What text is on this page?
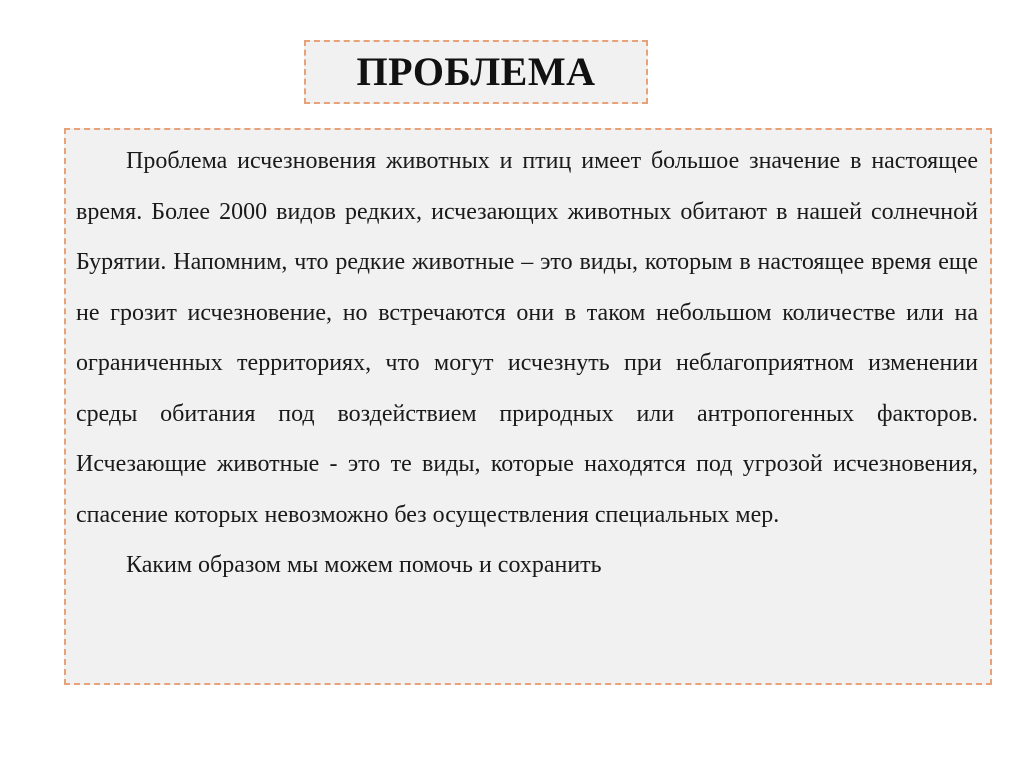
ПРОБЛЕМА

Проблема исчезновения животных и птиц имеет большое значение в настоящее время. Более 2000 видов редких, исчезающих животных обитают в нашей солнечной Бурятии. Напомним, что редкие животные – это виды, которым в настоящее время еще не грозит исчезновение, но встречаются они в таком небольшом количестве или на ограниченных территориях, что могут исчезнуть при неблагоприятном изменении среды обитания под воздействием природных или антропогенных факторов. Исчезающие животные - это те виды, которые находятся под угрозой исчезновения, спасение которых невозможно без осуществления специальных мер.

Каким образом мы можем помочь и сохранить
